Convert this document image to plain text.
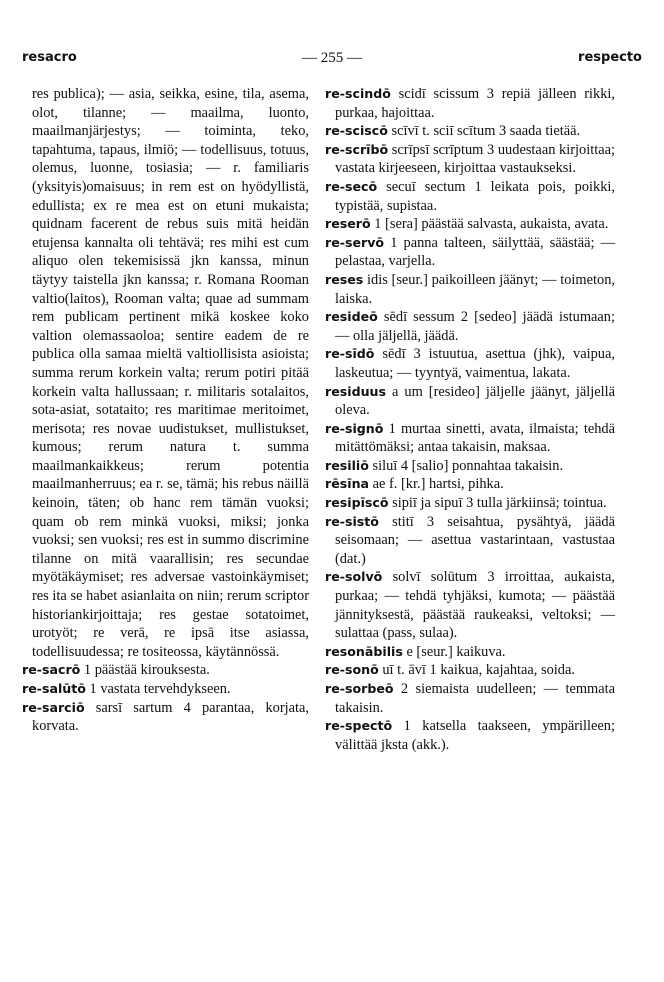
resacro	— 255 —	respecto

res publica); — asia, seikka, esine, tila, asema, olot, tilanne; — maailma, luonto, maailmanjärjestys; — toiminta, teko, tapahtuma, tapaus, ilmiö; — todellisuus, totuus, olemus, luonne, tosiasia; — r. familiaris (yksityis)omaisuus; in rem est on hyödyllistä, edullista; ex re mea est on etuni mukaista; quidnam facerent de rebus suis mitä heidän etujensa kannalta oli tehtävä; res mihi est cum aliquo olen tekemisissä jkn kanssa, minun täytyy taistella jkn kanssa; r. Romana Rooman valtio(laitos), Rooman valta; quae ad summam rem publicam pertinent mikä koskee koko valtion olemassaoloa; sentire eadem de re publica olla samaa mieltä valtiollisista asioista; summa rerum korkein valta; rerum potiri pitää korkein valta hallussaan; r. militaris sotalaitos, sota-asiat, sotataito; res maritimae meritoimet, merisota; res novae uudistukset, mullistukset, kumous; rerum natura t. summa maailmankaikkeus; rerum potentia maailmanherruus; ea r. se, tämä; his rebus näillä keinoin, täten; ob hanc rem tämän vuoksi; quam ob rem minkä vuoksi, miksi; jonka vuoksi; sen vuoksi; res est in summo discrimine tilanne on mitä vaarallisin; res secundae myötäkäymiset; res adversae vastoinkäymiset; res ita se habet asianlaita on niin; rerum scriptor historiankirjoittaja; res gestae sotatoimet, urotyöt; re verā, re ipsā itse asiassa, todellisuudessa; re tositeossa, käytännössä.

re-sacrō 1 päästää kirouksesta.

re-salūtō 1 vastata tervehdykseen.

re-sarciō sarsī sartum 4 parantaa, korjata, korvata.

re-scindō scidī scissum 3 repiä jälleen rikki, purkaa, hajoittaa.

re-sciscō scīvī t. sciī scītum 3 saada tietää.

re-scrībō scrīpsī scrīptum 3 uudestaan kirjoittaa; vastata kirjeeseen, kirjoittaa vastaukseksi.

re-secō secuī sectum 1 leikata pois, poikki, typistää, supistaa.

reserō 1 [sera] päästää salvasta, aukaista, avata.

re-servō 1 panna talteen, säilyttää, säästää; — pelastaa, varjella.

reses idis [seur.] paikoilleen jäänyt; — toimeton, laiska.

resideō sēdī sessum 2 [sedeo] jäädä istumaan; — olla jäljellä, jäädä.

re-sīdō sēdī 3 istuutua, asettua (jhk), vaipua, laskeutua; — tyyntyä, vaimentua, lakata.

residuus a um [resideo] jäljelle jäänyt, jäljellä oleva.

re-signō 1 murtaa sinetti, avata, ilmaista; tehdä mitättömäksi; antaa takaisin, maksaa.

resiliō siluī 4 [salio] ponnahtaa takaisin.

rēsīna ae f. [kr.] hartsi, pihka.

resipīscō sipiī ja sipuī 3 tulla järkiinsä; tointua.

re-sistō stitī 3 seisahtua, pysähtyä, jäädä seisomaan; — asettua vastarintaan, vastustaa (dat.)

re-solvō solvī solūtum 3 irroittaa, aukaista, purkaa; — tehdä tyhjäksi, kumota; — päästää jännityksestä, päästää raukeaksi, veltoksi; — sulattaa (pass, sulaa).

resonābilis e [seur.] kaikuva.

re-sonō uī t. āvī 1 kaikua, kajahtaa, soida.

re-sorbeō 2 siemaista uudelleen; — temmata takaisin.

re-spectō 1 katsella taakseen, ympärilleen; välittää jksta (akk.).
